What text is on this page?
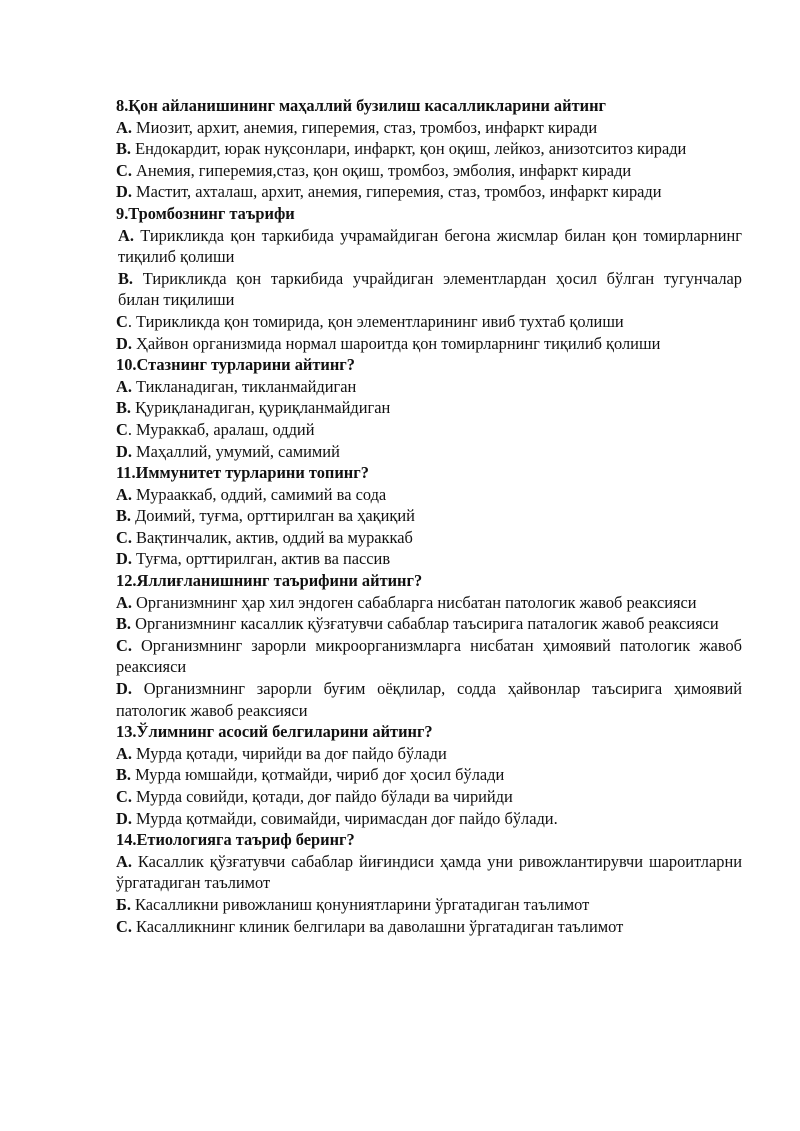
8.Қон айланишининг маҳаллий бузилиш касалликларини айтинг
A. Миозит, архит, анемия, гиперемия, стаз, тромбоз, инфаркт киради
B. Ендокардит, юрак нуқсонлари, инфаркт, қон оқиш, лейкоз, анизотситоз киради
C. Анемия, гиперемия,стаз, қон оқиш, тромбоз, эмболия, инфаркт киради
D. Мастит, ахталаш, архит, анемия, гиперемия, стаз, тромбоз, инфаркт киради
9.Тромбознинг таърифи
A. Тирикликда қон таркибида учрамайдиган бегона жисмлар билан қон томирларнинг тиқилиб қолиши
B. Тирикликда қон таркибида учрайдиган элементлардан ҳосил бўлган тугунчалар билан тиқилиши
C. Тирикликда қон томирида, қон элементларининг ивиб тухтаб қолиши
D. Ҳайвон организмида нормал шароитда қон томирларнинг тиқилиб қолиши
10.Стазнинг турларини айтинг?
A. Тикланадиган, тикланмайдиган
B. Қуриқланадиган, қуриқланмайдиган
C. Мураккаб, аралаш, оддий
D. Маҳаллий, умумий, самимий
11.Иммунитет турларини топинг?
A. Мурааккаб, оддий, самимий ва сода
B. Доимий, туғма, орттирилган ва ҳақиқий
C. Вақтинчалик, актив, оддий ва мураккаб
D. Туғма, орттирилган, актив ва пассив
12.Яллиғланишнинг таърифини айтинг?
A. Организмнинг ҳар хил эндоген сабабларга нисбатан патологик жавоб реаксияси
B. Организмнинг касаллик қўзғатувчи сабаблар таъсирига паталогик жавоб реаксияси
C. Организмнинг зарорли микроорганизмларга нисбатан ҳимоявий патологик жавоб реаксияси
D. Организмнинг зарорли буғим оёқлилар, содда ҳайвонлар таъсирига ҳимоявий патологик жавоб реаксияси
13.Ўлимнинг асосий белгиларини айтинг?
A. Мурда қотади, чирийди ва доғ пайдо бўлади
B. Мурда юмшайди, қотмайди, чириб доғ ҳосил бўлади
C. Мурда совийди, қотади, доғ пайдо бўлади ва чирийди
D. Мурда қотмайди, совимайди, чиримасдан доғ пайдо бўлади.
14.Етиологияга таъриф беринг?
A. Касаллик қўзғатувчи сабаблар йиғиндиси ҳамда уни ривожлантирувчи шароитларни ўргатадиган таълимот
Б. Касалликни ривожланиш қонуниятларини ўргатадиган таълимот
C. Касалликнинг клиник белгилари ва даволашни ўргатадиган таълимот
